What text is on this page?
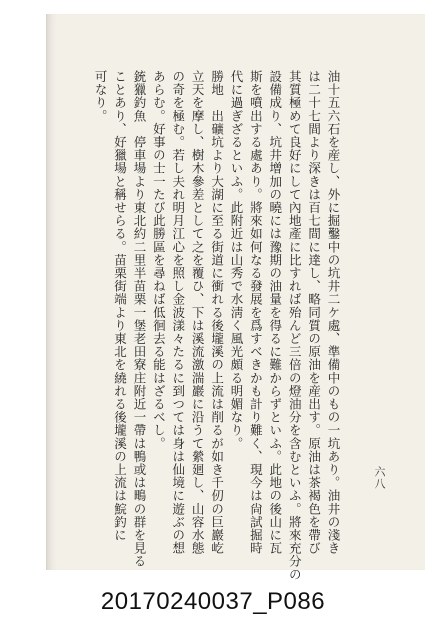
六八
油十五六石を産し、外に掘鑿中の坑井二ケ處、準備中のもの一坑あり。油井の淺き
は二十七間より深きは百七間に達し、略同質の原油を産出す。原油は茶褐色を帶び
其質極めて良好にして內地產に比すれば殆んど三倍の燈油分を含むといふ。將來充分の
設備成り、坑井增加の曉には豫期の油量を得るに難からずといふ。此地の後山に瓦
斯を噴出する處あり。將來如何なる發展を爲すべきかも計り難く、現今は尙試掘時
代に過ぎざるといふ。此附近は山秀で水淸く風光頗る明媚なり。
勝地　出礦坑より大湖に至る街道に衝れる後壠溪の上流は削るが如き千仞の巨巖屹
立天を摩し、樹木參差として之を覆ひ、下は溪流激湍巖に沿うて縈廻し、山容水態
の奇を極む。若し夫れ明月江心を照し金波漾々たるに到つては身は仙境に遊ぶの想
あらむ。好事の士一たび此勝區を尋ねば低徊去る能はざるべし。
銃獵釣魚　停車場より東北約二里半苗栗一堡老田寮庄附近一帶は鴨或は鴫の群を見る
ことあり、好獵場と稱せらる。苗栗街端より東北を繞れる後壠溪の上流は鯇釣に
可なり。
20170240037_P086
